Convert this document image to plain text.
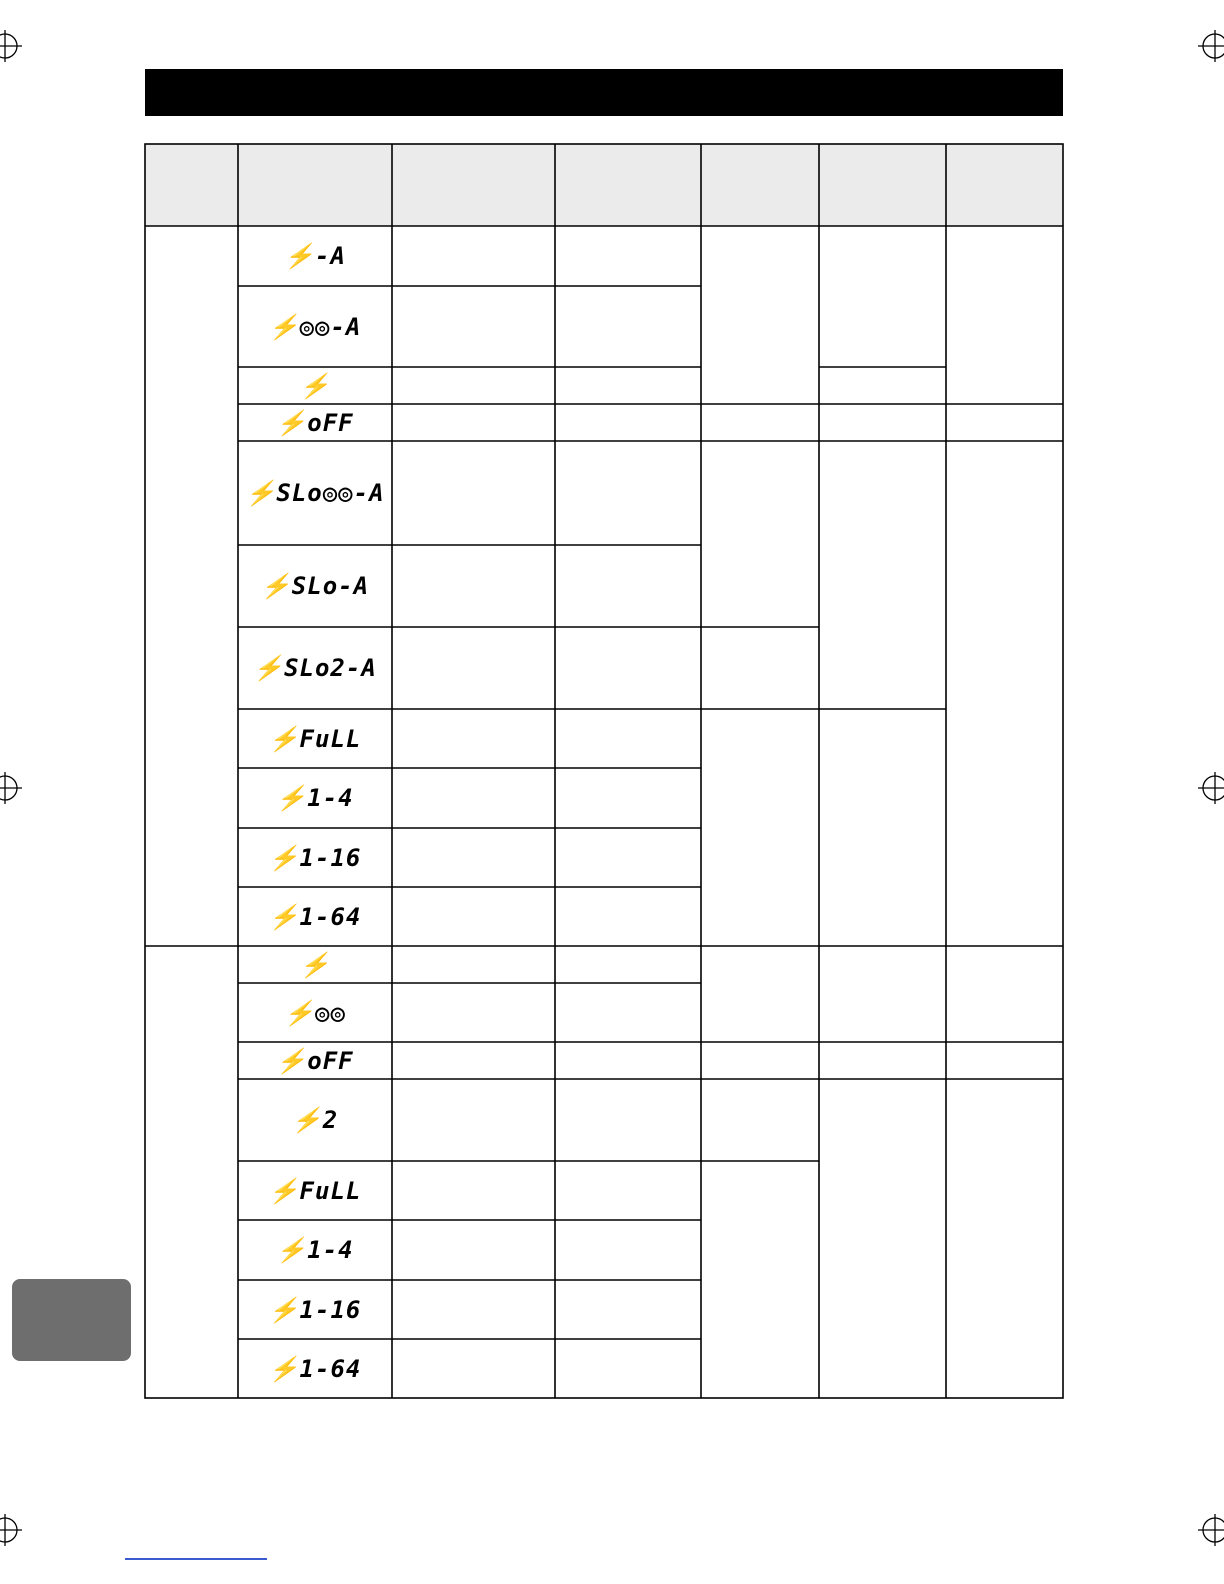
⚡-A
⚡◎◎-A
⚡
⚡oFF
⚡SLo◎◎-A
⚡SLo-A
⚡SLo2-A
⚡FuLL
⚡1-4
⚡1-16
⚡1-64
⚡
⚡◎◎
⚡oFF
⚡2
⚡FuLL
⚡1-4
⚡1-16
⚡1-64
